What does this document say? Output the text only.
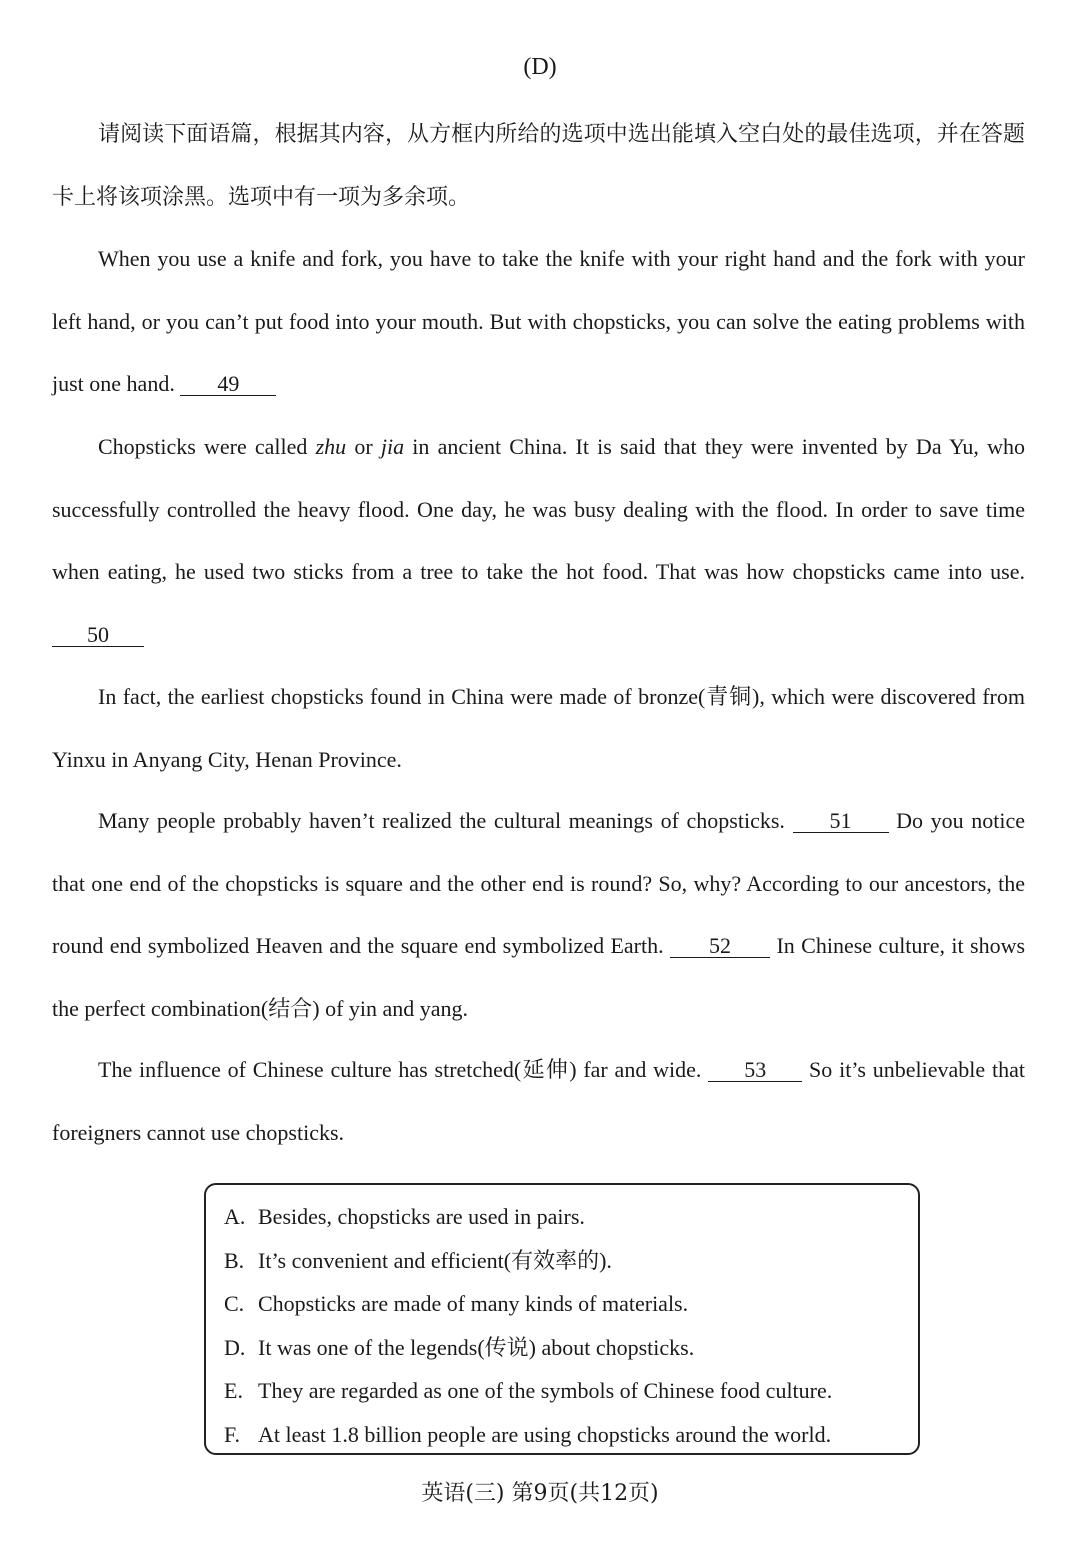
(D)

请阅读下面语篇，根据其内容，从方框内所给的选项中选出能填入空白处的最佳选项，并在答题卡上将该项涂黑。选项中有一项为多余项。

When you use a knife and fork, you have to take the knife with your right hand and the fork with your left hand, or you can’t put food into your mouth. But with chopsticks, you can solve the eating problems with just one hand. 49

Chopsticks were called zhu or jia in ancient China. It is said that they were invented by Da Yu, who successfully controlled the heavy flood. One day, he was busy dealing with the flood. In order to save time when eating, he used two sticks from a tree to take the hot food. That was how chopsticks came into use. 50

In fact, the earliest chopsticks found in China were made of bronze(青铜), which were discovered from Yinxu in Anyang City, Henan Province.

Many people probably haven’t realized the cultural meanings of chopsticks. 51 Do you notice that one end of the chopsticks is square and the other end is round? So, why? According to our ancestors, the round end symbolized Heaven and the square end symbolized Earth. 52 In Chinese culture, it shows the perfect combination(结合) of yin and yang.

The influence of Chinese culture has stretched(延伸) far and wide. 53 So it’s unbelievable that foreigners cannot use chopsticks.

A. Besides, chopsticks are used in pairs.
B. It’s convenient and efficient(有效率的).
C. Chopsticks are made of many kinds of materials.
D. It was one of the legends(传说) about chopsticks.
E. They are regarded as one of the symbols of Chinese food culture.
F. At least 1.8 billion people are using chopsticks around the world.
英语(三) 第9页(共12页)
